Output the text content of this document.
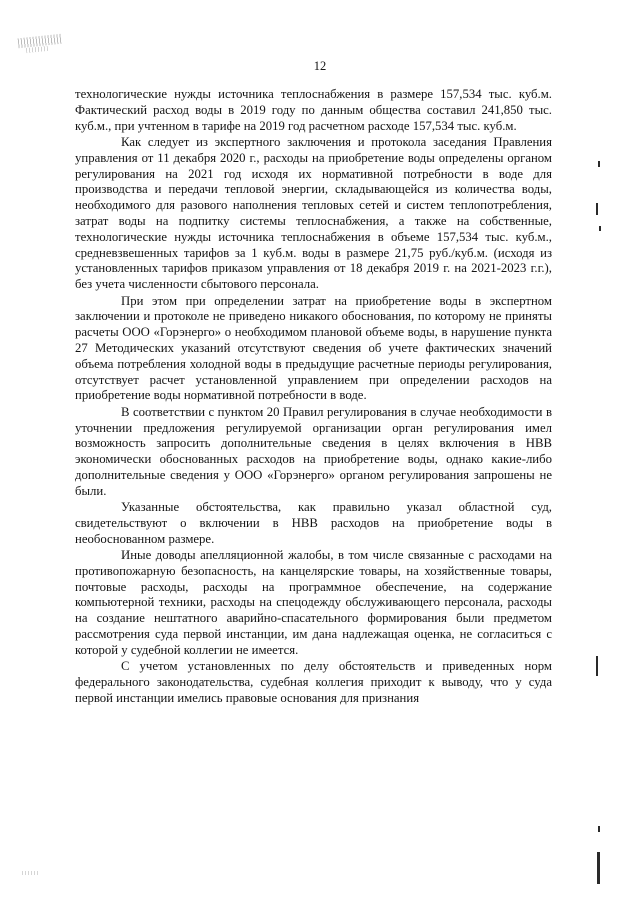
12

технологические нужды источника теплоснабжения в размере 157,534 тыс. куб.м. Фактический расход воды в 2019 году по данным общества составил 241,850 тыс. куб.м., при учтенном в тарифе на 2019 год расчетном расходе 157,534 тыс. куб.м.

Как следует из экспертного заключения и протокола заседания Правления управления от 11 декабря 2020 г., расходы на приобретение воды определены органом регулирования на 2021 год исходя их нормативной потребности в воде для производства и передачи тепловой энергии, складывающейся из количества воды, необходимого для разового наполнения тепловых сетей и систем теплопотребления, затрат воды на подпитку системы теплоснабжения, а также на собственные, технологические нужды источника теплоснабжения в объеме 157,534 тыс. куб.м., средневзвешенных тарифов за 1 куб.м. воды в размере 21,75 руб./куб.м. (исходя из установленных тарифов приказом управления от 18 декабря 2019 г. на 2021-2023 г.г.), без учета численности сбытового персонала.

При этом при определении затрат на приобретение воды в экспертном заключении и протоколе не приведено никакого обоснования, по которому не приняты расчеты ООО «Горэнерго» о необходимом плановой объеме воды, в нарушение пункта 27 Методических указаний отсутствуют сведения об учете фактических значений объема потребления холодной воды в предыдущие расчетные периоды регулирования, отсутствует расчет установленной управлением при определении расходов на приобретение воды нормативной потребности в воде.

В соответствии с пунктом 20 Правил регулирования в случае необходимости в уточнении предложения регулируемой организации орган регулирования имел возможность запросить дополнительные сведения в целях включения в НВВ экономически обоснованных расходов на приобретение воды, однако какие-либо дополнительные сведения у ООО «Горэнерго» органом регулирования запрошены не были.

Указанные обстоятельства, как правильно указал областной суд, свидетельствуют о включении в НВВ расходов на приобретение воды в необоснованном размере.

Иные доводы апелляционной жалобы, в том числе связанные с расходами на противопожарную безопасность, на канцелярские товары, на хозяйственные товары, почтовые расходы, расходы на программное обеспечение, на содержание компьютерной техники, расходы на спецодежду обслуживающего персонала, расходы на создание нештатного аварийно-спасательного формирования были предметом рассмотрения суда первой инстанции, им дана надлежащая оценка, не согласиться с которой у судебной коллегии не имеется.

С учетом установленных по делу обстоятельств и приведенных норм федерального законодательства, судебная коллегия приходит к выводу, что у суда первой инстанции имелись правовые основания для признания
